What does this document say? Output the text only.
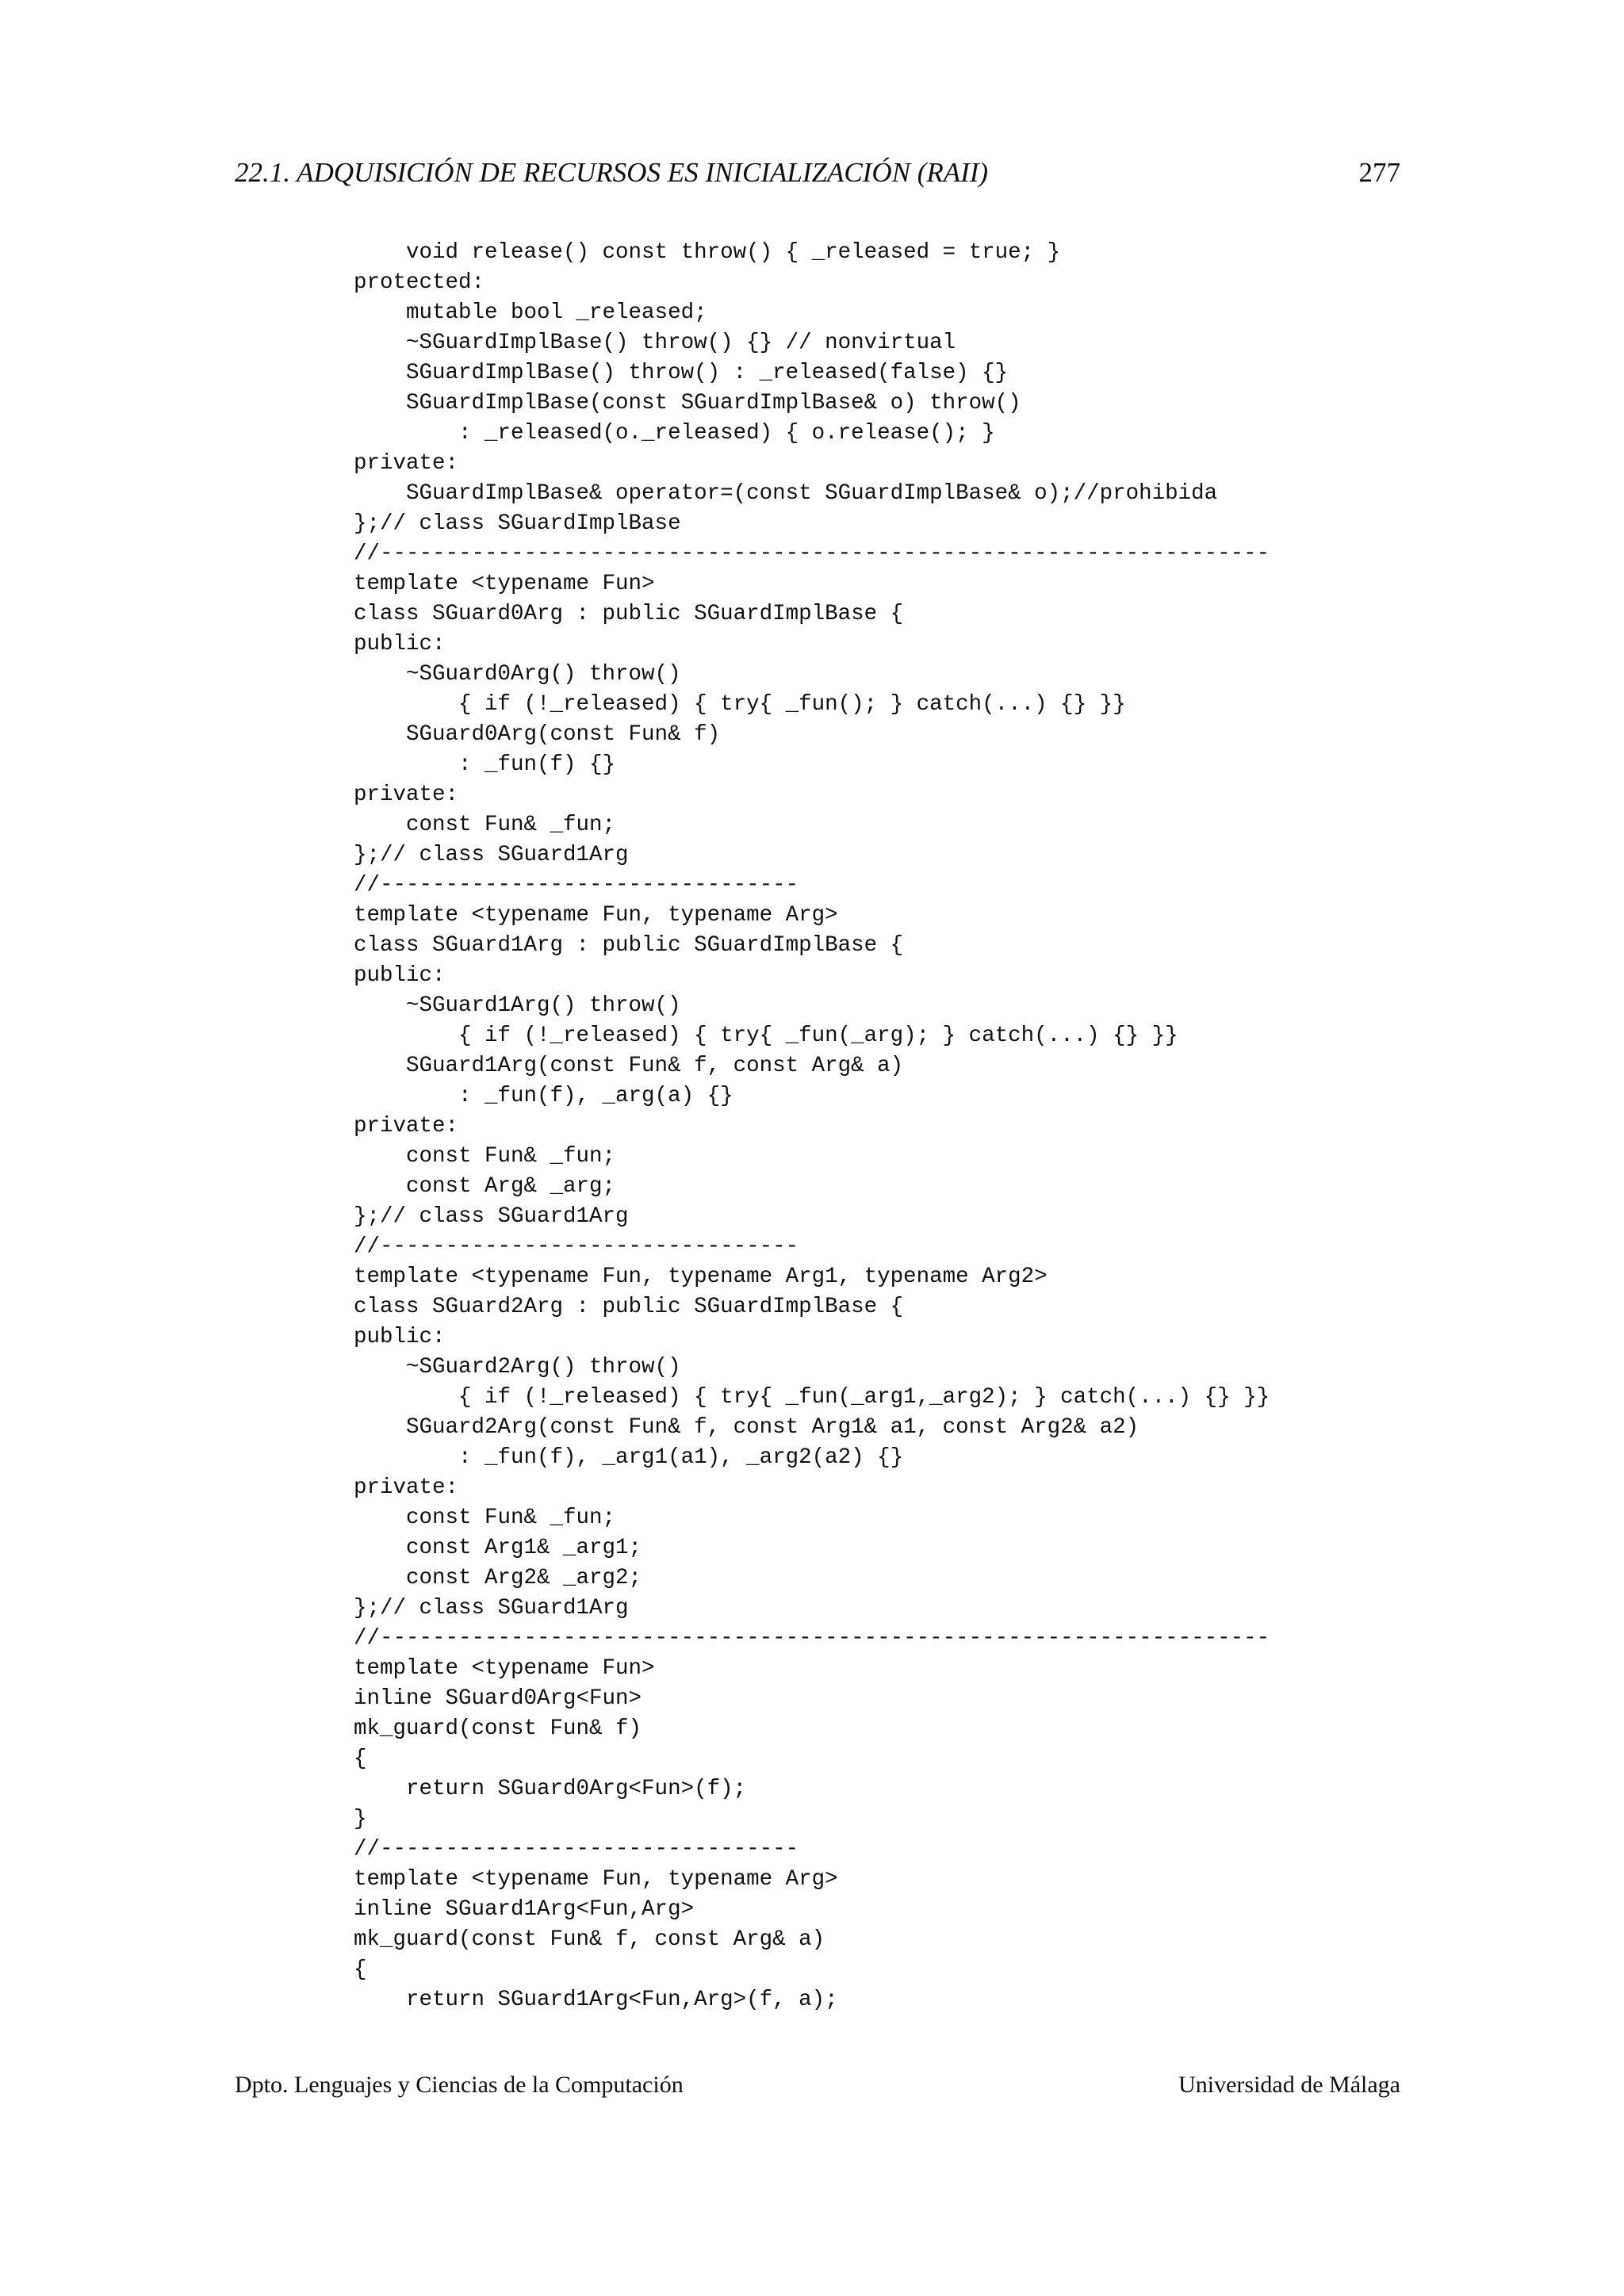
22.1. ADQUISICIÓN DE RECURSOS ES INICIALIZACIÓN (RAII)	277
void release() const throw() { _released = true; }
protected:
mutable bool _released;
~SGuardImplBase() throw() {} // nonvirtual
SGuardImplBase() throw() : _released(false) {}
SGuardImplBase(const SGuardImplBase& o) throw()
: _released(o._released) { o.release(); }
private:
SGuardImplBase& operator=(const SGuardImplBase& o);//prohibida
};// class SGuardImplBase
//--------------------------------------------------------------------
template <typename Fun>
class SGuard0Arg : public SGuardImplBase {
public:
~SGuard0Arg() throw()
{ if (!_released) { try{ _fun(); } catch(...) {} }}
SGuard0Arg(const Fun& f)
: _fun(f) {}
private:
const Fun& _fun;
};// class SGuard1Arg
//--------------------------------
template <typename Fun, typename Arg>
class SGuard1Arg : public SGuardImplBase {
public:
~SGuard1Arg() throw()
{ if (!_released) { try{ _fun(_arg); } catch(...) {} }}
SGuard1Arg(const Fun& f, const Arg& a)
: _fun(f), _arg(a) {}
private:
const Fun& _fun;
const Arg& _arg;
};// class SGuard1Arg
//--------------------------------
template <typename Fun, typename Arg1, typename Arg2>
class SGuard2Arg : public SGuardImplBase {
public:
~SGuard2Arg() throw()
{ if (!_released) { try{ _fun(_arg1,_arg2); } catch(...) {} }}
SGuard2Arg(const Fun& f, const Arg1& a1, const Arg2& a2)
: _fun(f), _arg1(a1), _arg2(a2) {}
private:
const Fun& _fun;
const Arg1& _arg1;
const Arg2& _arg2;
};// class SGuard1Arg
//--------------------------------------------------------------------
template <typename Fun>
inline SGuard0Arg<Fun>
mk_guard(const Fun& f)
{
return SGuard0Arg<Fun>(f);
}
//--------------------------------
template <typename Fun, typename Arg>
inline SGuard1Arg<Fun,Arg>
mk_guard(const Fun& f, const Arg& a)
{
return SGuard1Arg<Fun,Arg>(f, a);
Dpto. Lenguajes y Ciencias de la Computación	Universidad de Málaga
